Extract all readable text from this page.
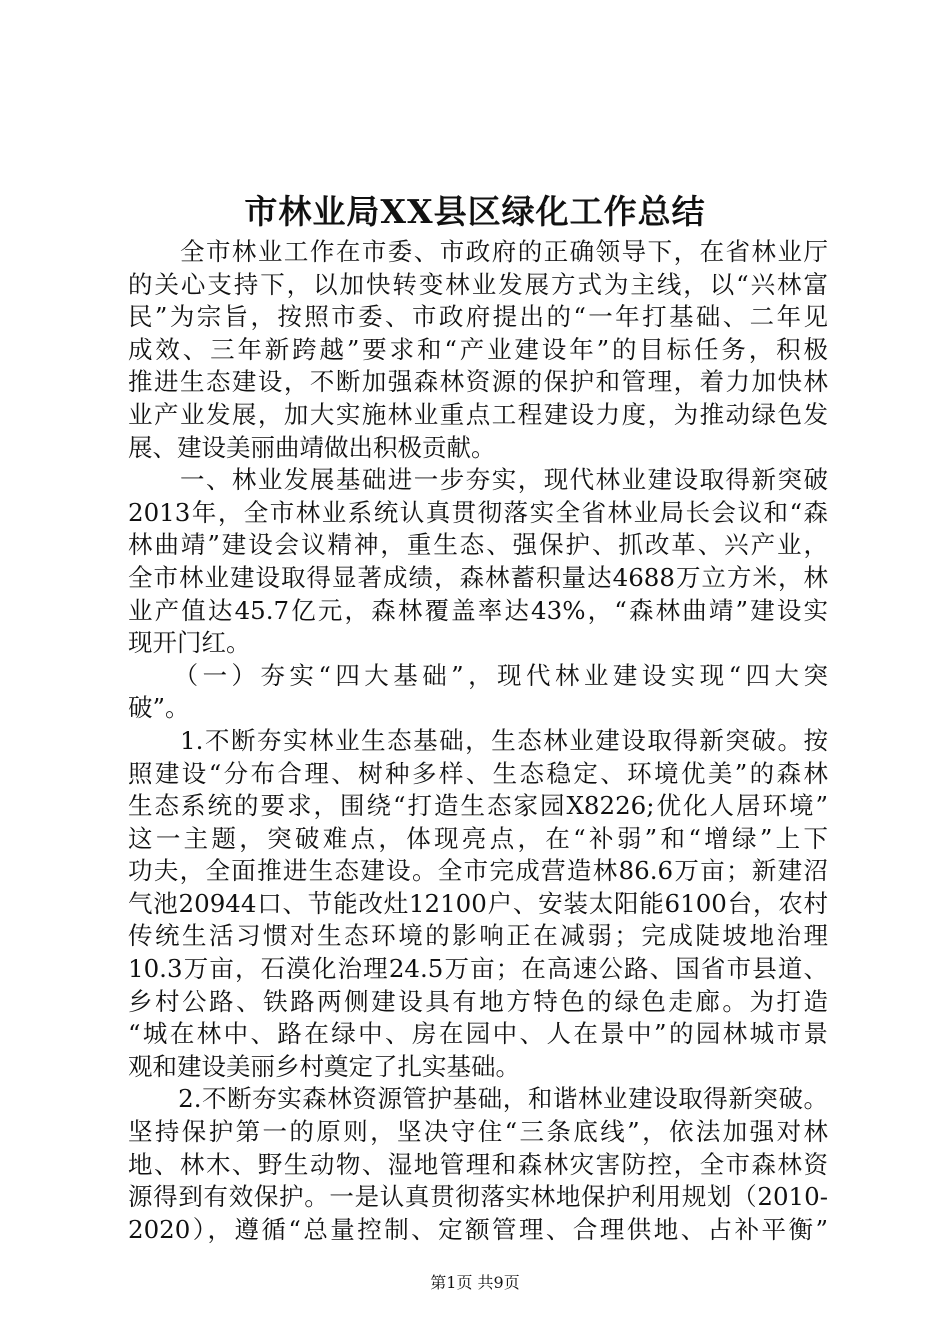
市林业局XX县区绿化工作总结
　　全市林业工作在市委、市政府的正确领导下，在省林业厅
的关心支持下，以加快转变林业发展方式为主线，以“兴林富
民”为宗旨，按照市委、市政府提出的“一年打基础、二年见
成效、三年新跨越”要求和“产业建设年”的目标任务，积极
推进生态建设，不断加强森林资源的保护和管理，着力加快林
业产业发展，加大实施林业重点工程建设力度，为推动绿色发
展、建设美丽曲靖做出积极贡献。
　　一、林业发展基础进一步夯实，现代林业建设取得新突破
2013年，全市林业系统认真贯彻落实全省林业局长会议和“森
林曲靖”建设会议精神，重生态、强保护、抓改革、兴产业，
全市林业建设取得显著成绩，森林蓄积量达4688万立方米，林
业产值达45.7亿元，森林覆盖率达43%，“森林曲靖”建设实
现开门红。
　　（一）夯实“四大基础”，现代林业建设实现“四大突
破”。
　　1.不断夯实林业生态基础，生态林业建设取得新突破。按
照建设“分布合理、树种多样、生态稳定、环境优美”的森林
生态系统的要求，围绕“打造生态家园X8226;优化人居环境”
这一主题，突破难点，体现亮点，在“补弱”和“增绿”上下
功夫，全面推进生态建设。全市完成营造林86.6万亩；新建沼
气池20944口、节能改灶12100户、安装太阳能6100台，农村
传统生活习惯对生态环境的影响正在减弱；完成陡坡地治理
10.3万亩，石漠化治理24.5万亩；在高速公路、国省市县道、
乡村公路、铁路两侧建设具有地方特色的绿色走廊。为打造
“城在林中、路在绿中、房在园中、人在景中”的园林城市景
观和建设美丽乡村奠定了扎实基础。
　　2.不断夯实森林资源管护基础，和谐林业建设取得新突破。
坚持保护第一的原则，坚决守住“三条底线”，依法加强对林
地、林木、野生动物、湿地管理和森林灾害防控，全市森林资
源得到有效保护。一是认真贯彻落实林地保护利用规划（2010-
2020），遵循“总量控制、定额管理、合理供地、占补平衡”
第1页 共9页
